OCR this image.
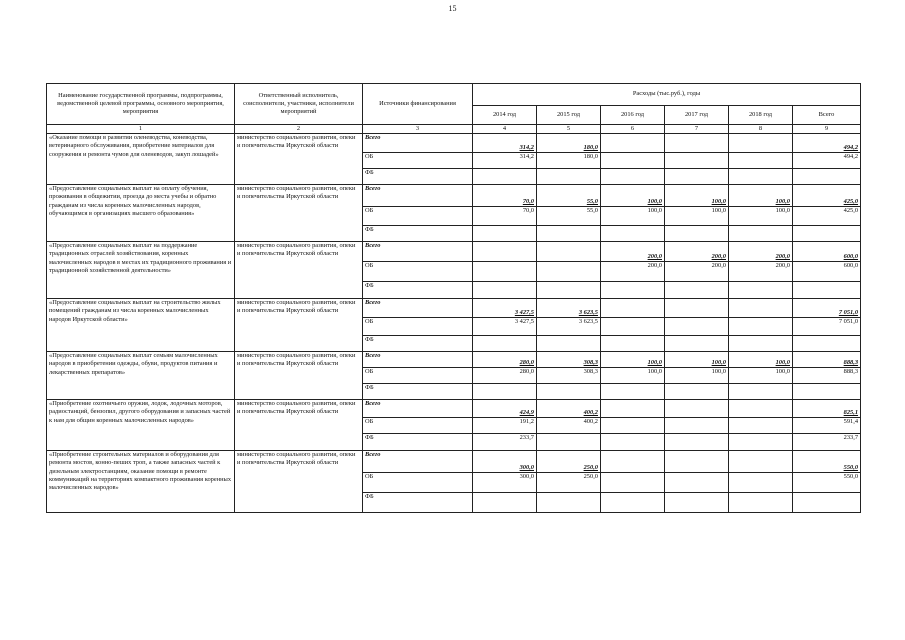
15
Наименование государственной программы, подпрограммы, ведомственной целевой программы, основного мероприятия, мероприятия	Ответственный исполнитель, соисполнители, участники, исполнители мероприятий	Источники финансирования	Расходы (тыс.руб.), годы					
			2014 год	2015 год	2016 год	2017 год	2018 год	Всего
1	2	3	4	5	6	7	8	9
«Оказание помощи в развитии оленеводства, коневодства, ветеринарного обслуживания, приобретение материалов для сооружения и ремонта чумов для оленеводов, закуп лошадей»	министерство социального развития, опеки и попечительства Иркутской области	Всего	314,2	180,0				494,2
		ОБ	314,2	180,0				494,2
		ФБ						
«Предоставление социальных выплат на оплату обучения, проживания в общежитии, проезда до места учебы и обратно гражданам из числа коренных малочисленных народов, обучающимся в организациях высшего образования»	министерство социального развития, опеки и попечительства Иркутской области	Всего	70,0	55,0	100,0	100,0	100,0	425,0
		ОБ	70,0	55,0	100,0	100,0	100,0	425,0
		ФБ						
«Предоставление социальных выплат на поддержание традиционных отраслей хозяйствования, коренных малочисленных народов в местах их традиционного проживания и традиционной хозяйственной деятельности»	министерство социального развития, опеки и попечительства Иркутской области	Всего			200,0	200,0	200,0	600,0
		ОБ			200,0	200,0	200,0	600,0
		ФБ						
«Предоставление социальных выплат на строительство жилых помещений гражданам из числа коренных малочисленных народов Иркутской области»	министерство социального развития, опеки и попечительства Иркутской области	Всего	3 427,5	3 623,5				7 051,0
		ОБ	3 427,5	3 623,5				7 051,0
		ФБ						
«Предоставление социальных выплат семьям малочисленных народов в приобретении одежды, обуви, продуктов питания и лекарственных препаратов»	министерство социального развития, опеки и попечительства Иркутской области	Всего	280,0	308,3	100,0	100,0	100,0	888,3
		ОБ	280,0	308,3	100,0	100,0	100,0	888,3
		ФБ						
«Приобретение охотничьего оружия, лодок, лодочных моторов, радиостанций, бензопил, другого оборудования и запасных частей к нам для общин коренных малочисленных народов»	министерство социального развития, опеки и попечительства Иркутской области	Всего	424,9	400,2				825,1
		ОБ	191,2	400,2				591,4
		ФБ	233,7					233,7
«Приобретение строительных материалов и оборудования для ремонта мостов, конно-пеших троп, а также запасных частей к дизельным электростанциям, оказание помощи в ремонте коммуникаций на территориях компактного проживания коренных малочисленных народов»	министерство социального развития, опеки и попечительства Иркутской области	Всего	300,0	250,0				550,0
		ОБ	300,0	250,0				550,0
		ФБ						
